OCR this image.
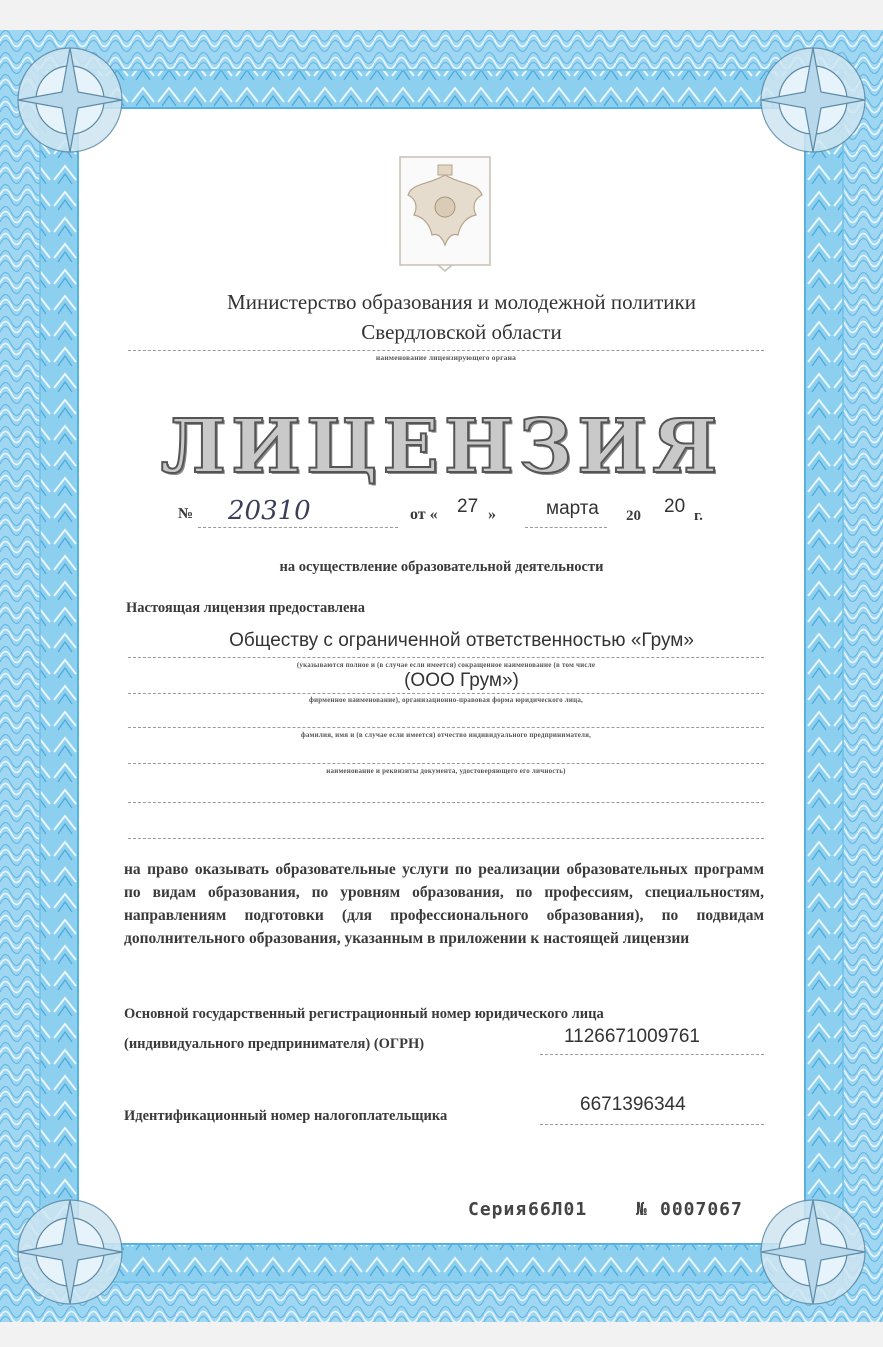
Министерство образования и молодежной политики

Свердловской области

наименование лицензирующего органа

ЛИЦЕНЗИЯ

№ 20310	от « 27 »	марта 20 20 г.

на осуществление образовательной деятельности

Настоящая лицензия предоставлена

Обществу с ограниченной ответственностью «Грум»

(указываются полное и (в случае если имеется) сокращенное наименование (в том числе

(ООО Грум»)

фирменное наименование), организационно-правовая форма юридического лица,

фамилия, имя и (в случае если имеется) отчество индивидуального предпринимателя,

наименование и реквизиты документа, удостоверяющего его личность)

на право оказывать образовательные услуги по реализации образовательных программ по видам образования, по уровням образования, по профессиям, специальностям, направлениям подготовки (для профессионального образования), по подвидам дополнительного образования, указанным в приложении к настоящей лицензии

Основной государственный регистрационный номер юридического лица

(индивидуального предпринимателя) (ОГРН)	1126671009761

Идентификационный номер налогоплательщика

6671396344

Серия 66Л01	№ 0007067
